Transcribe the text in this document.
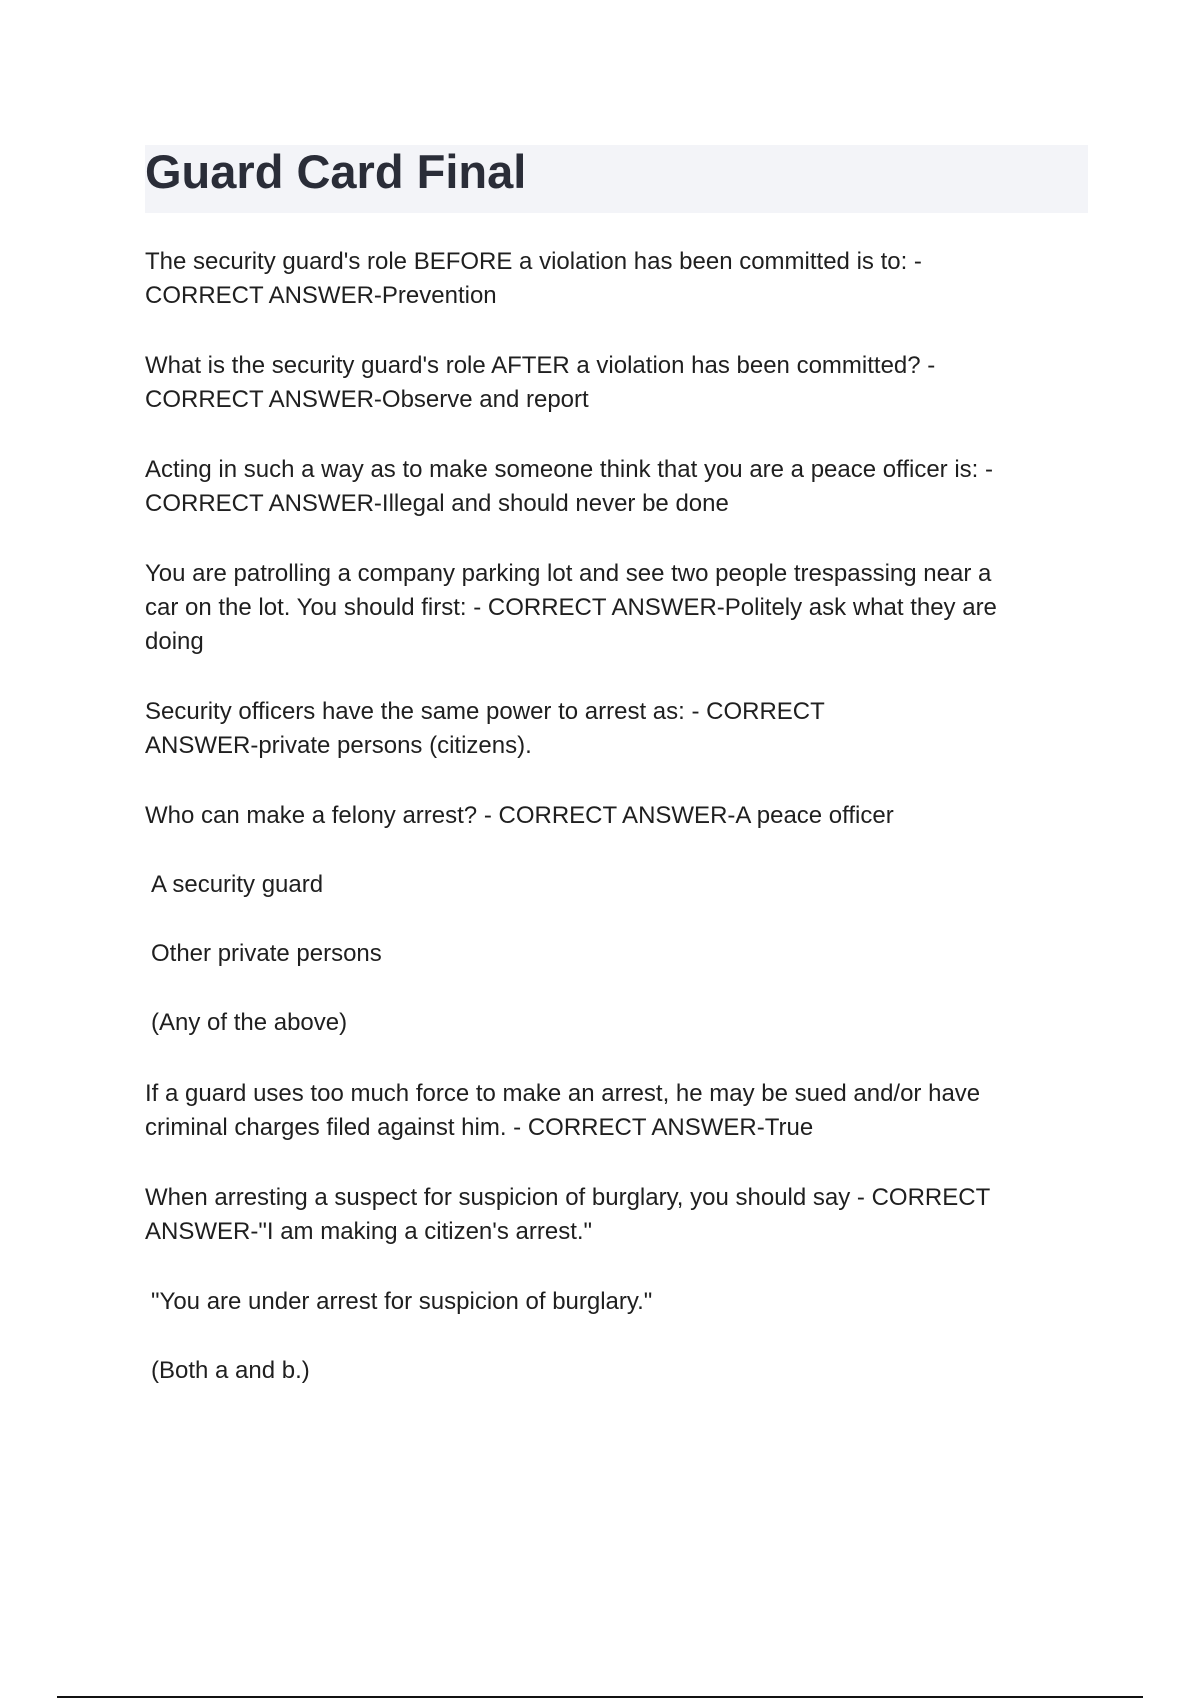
Guard Card Final

The security guard's role BEFORE a violation has been committed is to: -
CORRECT ANSWER-Prevention

What is the security guard's role AFTER a violation has been committed? -
CORRECT ANSWER-Observe and report

Acting in such a way as to make someone think that you are a peace officer is: -
CORRECT ANSWER-Illegal and should never be done

You are patrolling a company parking lot and see two people trespassing near a
car on the lot. You should first: - CORRECT ANSWER-Politely ask what they are
doing

Security officers have the same power to arrest as: - CORRECT
ANSWER-private persons (citizens).

Who can make a felony arrest? - CORRECT ANSWER-A peace officer

A security guard

Other private persons

(Any of the above)

If a guard uses too much force to make an arrest, he may be sued and/or have
criminal charges filed against him. - CORRECT ANSWER-True

When arresting a suspect for suspicion of burglary, you should say - CORRECT
ANSWER-"I am making a citizen's arrest."

"You are under arrest for suspicion of burglary."

(Both a and b.)
